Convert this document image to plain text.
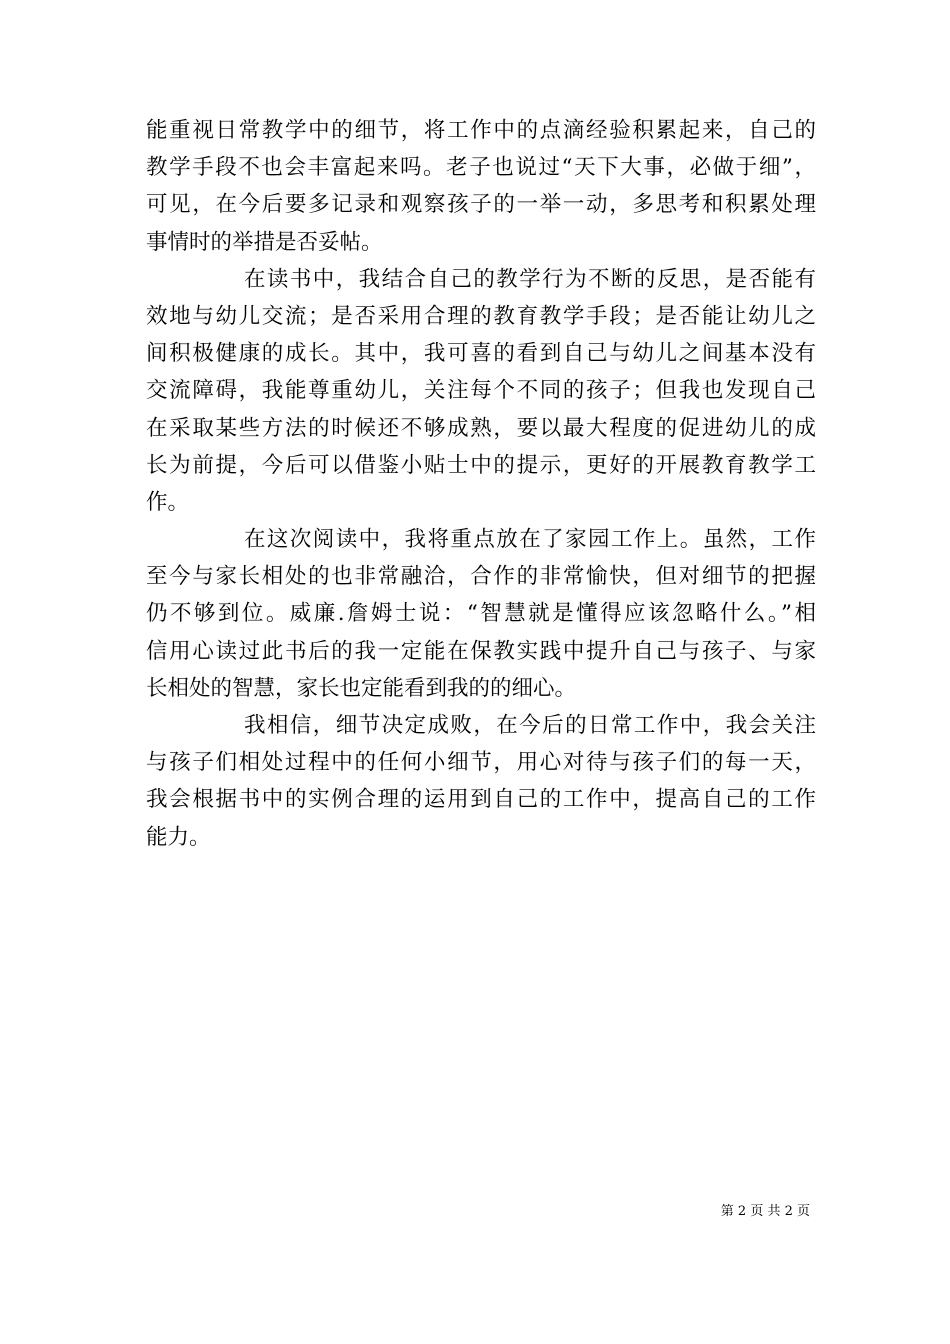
能重视日常教学中的细节，将工作中的点滴经验积累起来，自己的
教学手段不也会丰富起来吗。老子也说过“天下大事，必做于细”，
可见，在今后要多记录和观察孩子的一举一动，多思考和积累处理
事情时的举措是否妥帖。
在读书中，我结合自己的教学行为不断的反思，是否能有
效地与幼儿交流；是否采用合理的教育教学手段；是否能让幼儿之
间积极健康的成长。其中，我可喜的看到自己与幼儿之间基本没有
交流障碍，我能尊重幼儿，关注每个不同的孩子；但我也发现自己
在采取某些方法的时候还不够成熟，要以最大程度的促进幼儿的成
长为前提，今后可以借鉴小贴士中的提示，更好的开展教育教学工
作。
在这次阅读中，我将重点放在了家园工作上。虽然，工作
至今与家长相处的也非常融洽，合作的非常愉快，但对细节的把握
仍不够到位。威廉.詹姆士说：“智慧就是懂得应该忽略什么。”相
信用心读过此书后的我一定能在保教实践中提升自己与孩子、与家
长相处的智慧，家长也定能看到我的的细心。
我相信，细节决定成败，在今后的日常工作中，我会关注
与孩子们相处过程中的任何小细节，用心对待与孩子们的每一天，
我会根据书中的实例合理的运用到自己的工作中，提高自己的工作
能力。
第 2 页 共 2 页
